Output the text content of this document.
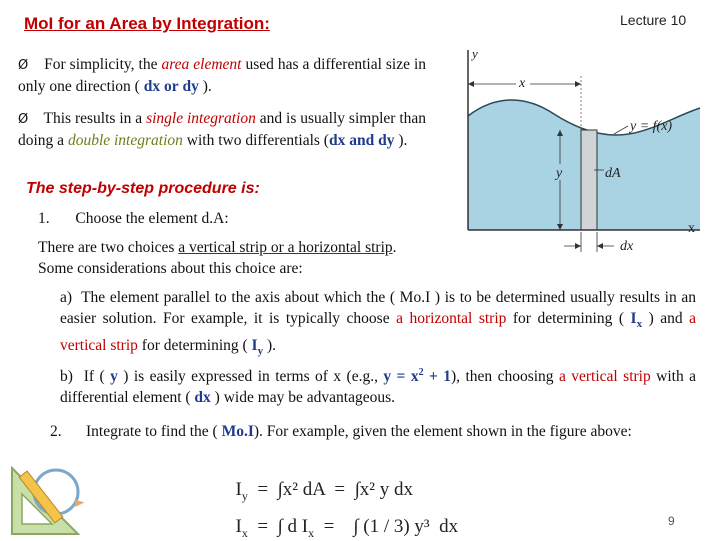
MoI for an Area by Integration:	Lecture 10
Ø For simplicity, the area element used has a differential size in only one direction ( dx or dy ).
Ø This results in a single integration and is usually simpler than doing a double integration with two differentials (dx and dy ).
The step-by-step procedure is:
1. Choose the element d.A:
There are two choices a vertical strip or a horizontal strip. Some considerations about this choice are:
a) The element parallel to the axis about which the ( Mo.I ) is to be determined usually results in an easier solution. For example, it is typically choose a horizontal strip for determining ( $I_x$ ) and a vertical strip for determining ( $I_y$ ).
b) If ( y ) is easily expressed in terms of x (e.g., $y = x^2 + 1$), then choosing a vertical strip with a differential element ( dx ) wide may be advantageous.
2. Integrate to find the ( Mo.I). For example, given the element shown in the figure above:

$I_y = \int x^2$ dA  =  ∫x² y dx

$I_x$ =  ∫ d $I_x$ = ∫ (1 / 3) y³  dx

y
x
x
y
y = f(x)
dA
dx
9
